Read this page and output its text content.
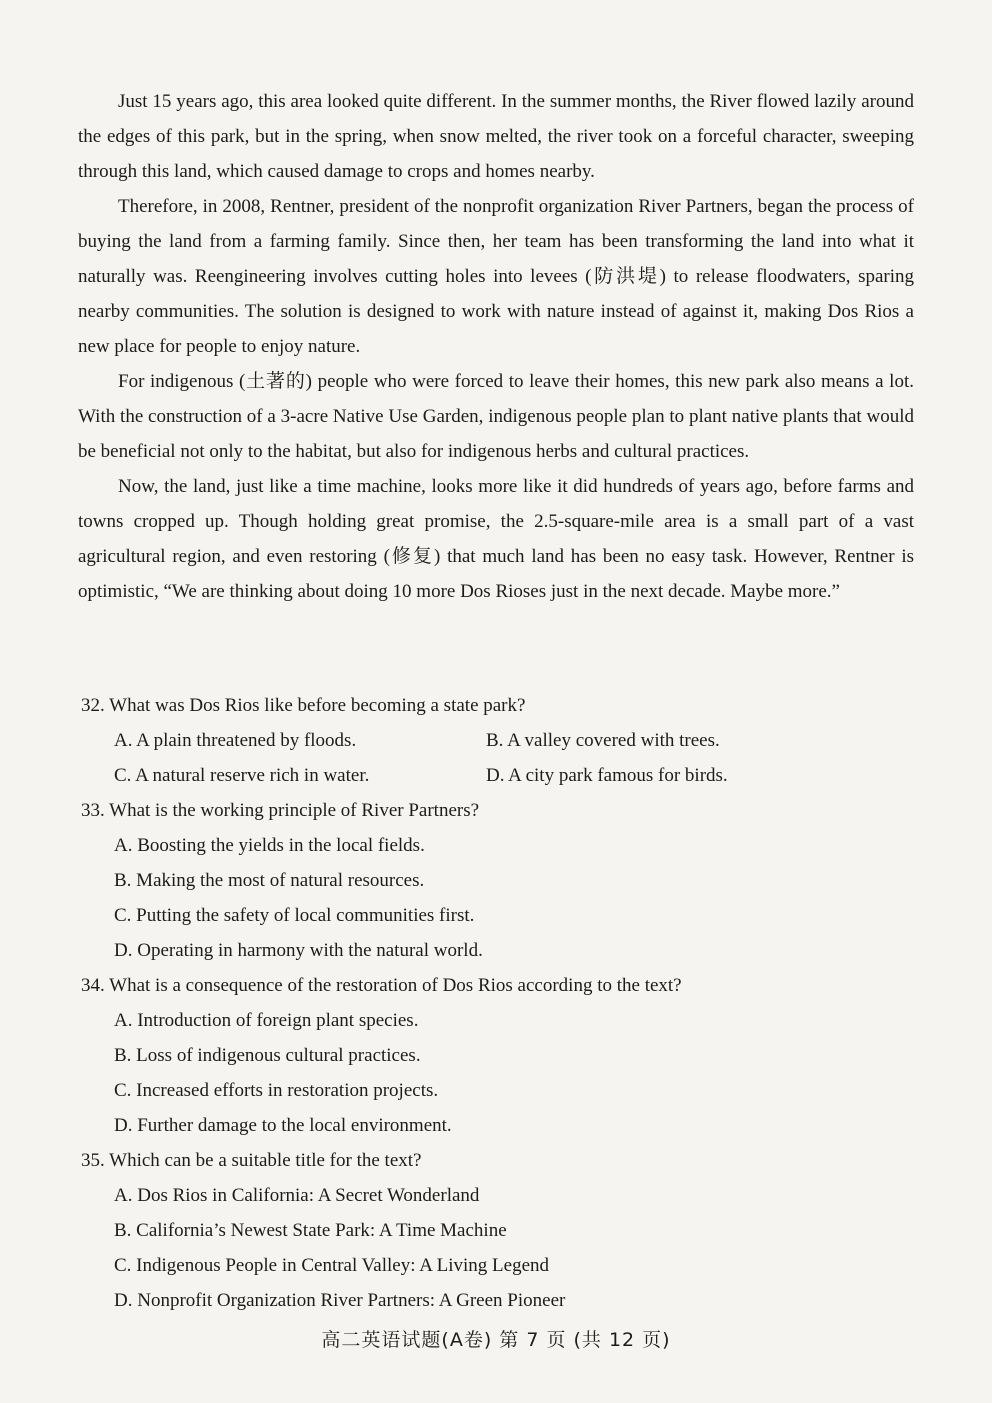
Just 15 years ago, this area looked quite different. In the summer months, the River flowed lazily around the edges of this park, but in the spring, when snow melted, the river took on a forceful character, sweeping through this land, which caused damage to crops and homes nearby.

Therefore, in 2008, Rentner, president of the nonprofit organization River Partners, began the process of buying the land from a farming family. Since then, her team has been transforming the land into what it naturally was. Reengineering involves cutting holes into levees (防洪堤) to release floodwaters, sparing nearby communities. The solution is designed to work with nature instead of against it, making Dos Rios a new place for people to enjoy nature.

For indigenous (土著的) people who were forced to leave their homes, this new park also means a lot. With the construction of a 3-acre Native Use Garden, indigenous people plan to plant native plants that would be beneficial not only to the habitat, but also for indigenous herbs and cultural practices.

Now, the land, just like a time machine, looks more like it did hundreds of years ago, before farms and towns cropped up. Though holding great promise, the 2.5-square-mile area is a small part of a vast agricultural region, and even restoring (修复) that much land has been no easy task. However, Rentner is optimistic, “We are thinking about doing 10 more Dos Rioses just in the next decade. Maybe more.”

32. What was Dos Rios like before becoming a state park?
A. A plain threatened by floods.	B. A valley covered with trees.
C. A natural reserve rich in water.	D. A city park famous for birds.
33. What is the working principle of River Partners?
A. Boosting the yields in the local fields.
B. Making the most of natural resources.
C. Putting the safety of local communities first.
D. Operating in harmony with the natural world.
34. What is a consequence of the restoration of Dos Rios according to the text?
A. Introduction of foreign plant species.
B. Loss of indigenous cultural practices.
C. Increased efforts in restoration projects.
D. Further damage to the local environment.
35. Which can be a suitable title for the text?
A. Dos Rios in California: A Secret Wonderland
B. California’s Newest State Park: A Time Machine
C. Indigenous People in Central Valley: A Living Legend
D. Nonprofit Organization River Partners: A Green Pioneer
高二英语试题(A卷) 第 7 页 (共 12 页)
